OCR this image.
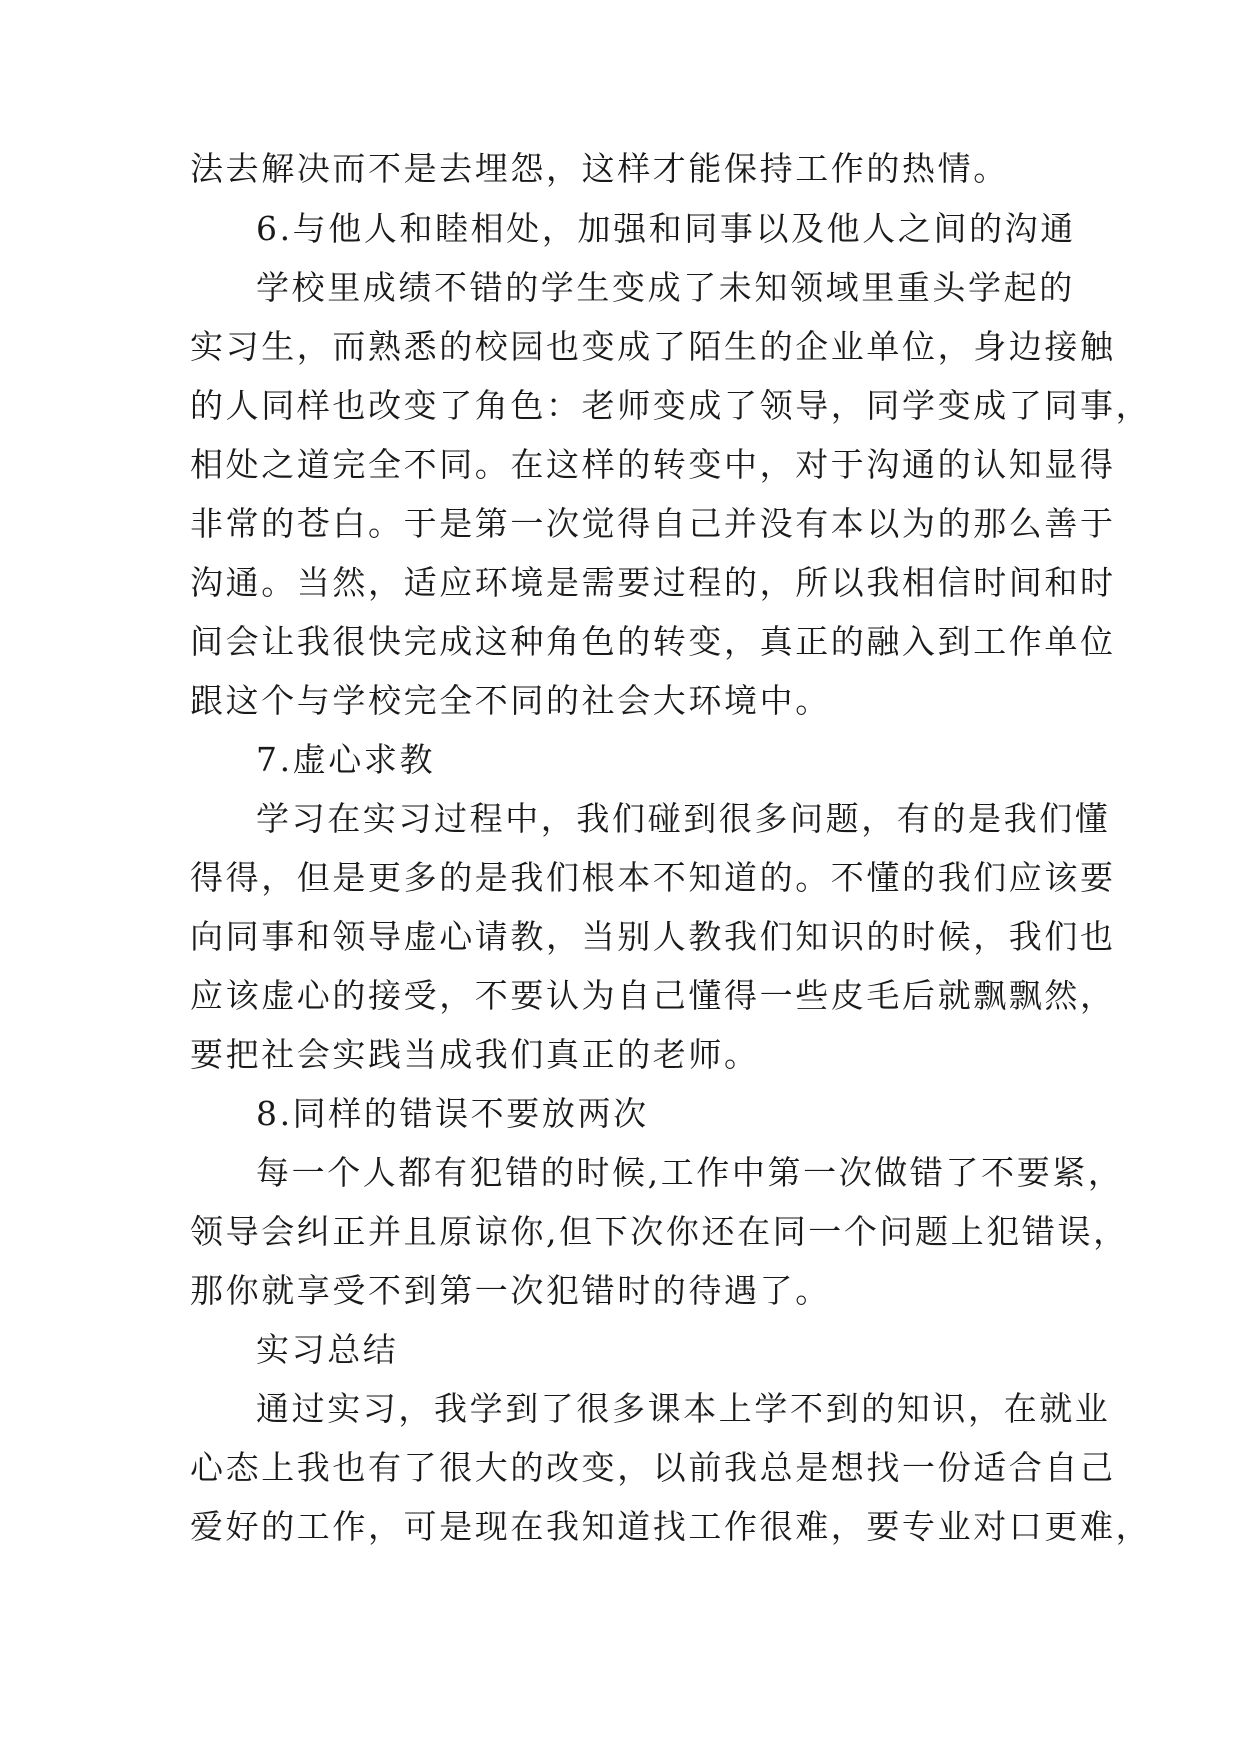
法去解决而不是去埋怨，这样才能保持工作的热情。
6.与他人和睦相处，加强和同事以及他人之间的沟通
学校里成绩不错的学生变成了未知领域里重头学起的
实习生，而熟悉的校园也变成了陌生的企业单位，身边接触
的人同样也改变了角色：老师变成了领导，同学变成了同事，
相处之道完全不同。在这样的转变中，对于沟通的认知显得
非常的苍白。于是第一次觉得自己并没有本以为的那么善于
沟通。当然，适应环境是需要过程的，所以我相信时间和时
间会让我很快完成这种角色的转变，真正的融入到工作单位
跟这个与学校完全不同的社会大环境中。
7.虚心求教
学习在实习过程中，我们碰到很多问题，有的是我们懂
得得，但是更多的是我们根本不知道的。不懂的我们应该要
向同事和领导虚心请教，当别人教我们知识的时候，我们也
应该虚心的接受，不要认为自己懂得一些皮毛后就飘飘然，
要把社会实践当成我们真正的老师。
8.同样的错误不要放两次
每一个人都有犯错的时候,工作中第一次做错了不要紧，
领导会纠正并且原谅你,但下次你还在同一个问题上犯错误，
那你就享受不到第一次犯错时的待遇了。
实习总结
通过实习，我学到了很多课本上学不到的知识，在就业
心态上我也有了很大的改变，以前我总是想找一份适合自己
爱好的工作，可是现在我知道找工作很难，要专业对口更难，
